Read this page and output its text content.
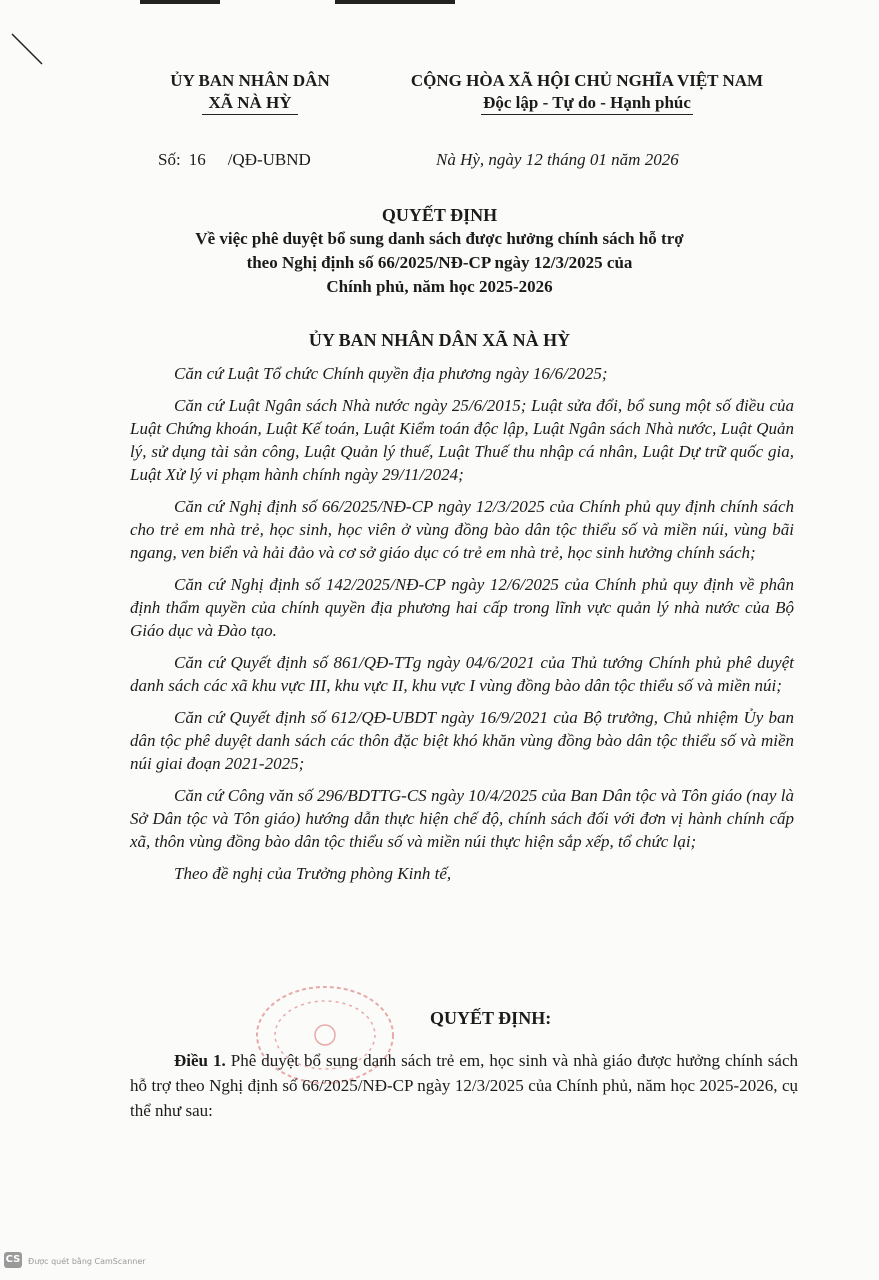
ỦY BAN NHÂN DÂN
XÃ NÀ HỲ
CỘNG HÒA XÃ HỘI CHỦ NGHĨA VIỆT NAM
Độc lập - Tự do - Hạnh phúc
Số: 16 /QĐ-UBND	Nà Hỳ, ngày 12 tháng 01 năm 2026
QUYẾT ĐỊNH
Về việc phê duyệt bổ sung danh sách được hưởng chính sách hỗ trợ
theo Nghị định số 66/2025/NĐ-CP ngày 12/3/2025 của
Chính phủ, năm học 2025-2026
ỦY BAN NHÂN DÂN XÃ NÀ HỲ

Căn cứ Luật Tổ chức Chính quyền địa phương ngày 16/6/2025;

Căn cứ Luật Ngân sách Nhà nước ngày 25/6/2015; Luật sửa đổi, bổ sung một số điều của Luật Chứng khoán, Luật Kế toán, Luật Kiểm toán độc lập, Luật Ngân sách Nhà nước, Luật Quản lý, sử dụng tài sản công, Luật Quản lý thuế, Luật Thuế thu nhập cá nhân, Luật Dự trữ quốc gia, Luật Xử lý vi phạm hành chính ngày 29/11/2024;

Căn cứ Nghị định số 66/2025/NĐ-CP ngày 12/3/2025 của Chính phủ quy định chính sách cho trẻ em nhà trẻ, học sinh, học viên ở vùng đồng bào dân tộc thiểu số và miền núi, vùng bãi ngang, ven biển và hải đảo và cơ sở giáo dục có trẻ em nhà trẻ, học sinh hưởng chính sách;

Căn cứ Nghị định số 142/2025/NĐ-CP ngày 12/6/2025 của Chính phủ quy định về phân định thẩm quyền của chính quyền địa phương hai cấp trong lĩnh vực quản lý nhà nước của Bộ Giáo dục và Đào tạo.

Căn cứ Quyết định số 861/QĐ-TTg ngày 04/6/2021 của Thủ tướng Chính phủ phê duyệt danh sách các xã khu vực III, khu vực II, khu vực I vùng đồng bào dân tộc thiểu số và miền núi;

Căn cứ Quyết định số 612/QĐ-UBDT ngày 16/9/2021 của Bộ trưởng, Chủ nhiệm Ủy ban dân tộc phê duyệt danh sách các thôn đặc biệt khó khăn vùng đồng bào dân tộc thiểu số và miền núi giai đoạn 2021-2025;

Căn cứ Công văn số 296/BDTTG-CS ngày 10/4/2025 của Ban Dân tộc và Tôn giáo (nay là Sở Dân tộc và Tôn giáo) hướng dẫn thực hiện chế độ, chính sách đối với đơn vị hành chính cấp xã, thôn vùng đồng bào dân tộc thiểu số và miền núi thực hiện sắp xếp, tổ chức lại;

Theo đề nghị của Trưởng phòng Kinh tế,

QUYẾT ĐỊNH:

Điều 1. Phê duyệt bổ sung danh sách trẻ em, học sinh và nhà giáo được hưởng chính sách hỗ trợ theo Nghị định số 66/2025/NĐ-CP ngày 12/3/2025 của Chính phủ, năm học 2025-2026, cụ thể như sau:

CS Được quét bằng CamScanner
